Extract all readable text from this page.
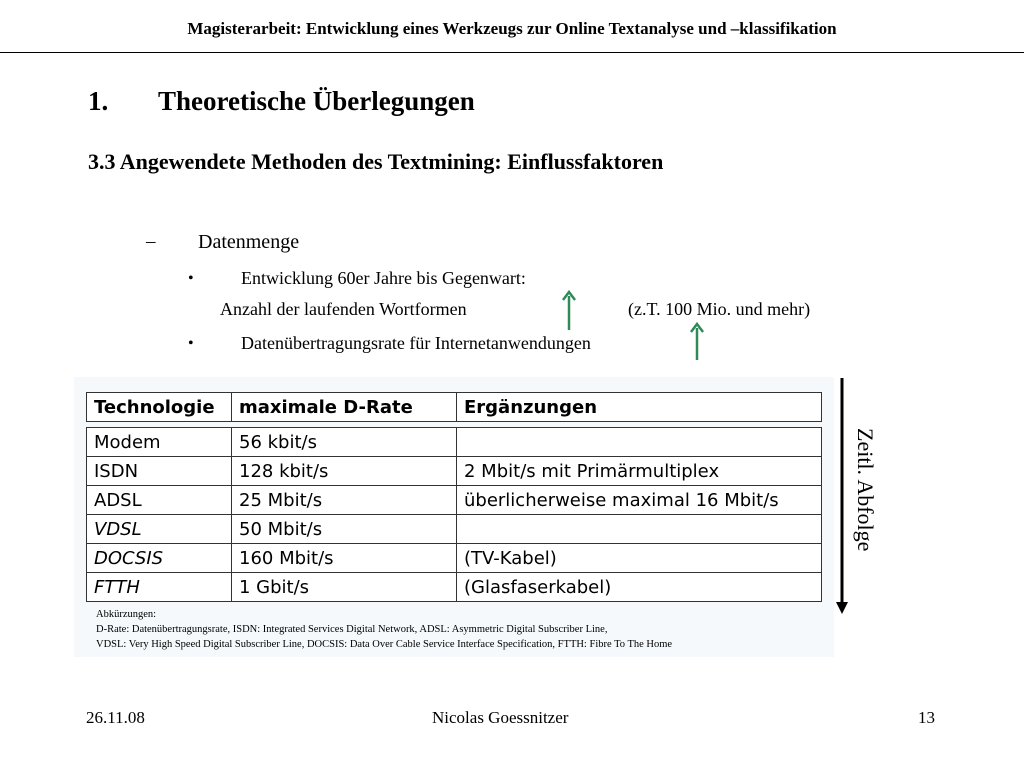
Magisterarbeit: Entwicklung eines Werkzeugs zur Online Textanalyse und –klassifikation
1. Theoretische Überlegungen
3.3 Angewendete Methoden des Textmining: Einflussfaktoren
– Datenmenge
•	Entwicklung 60er Jahre bis Gegenwart:
Anzahl der laufenden Wortformen	(z.T. 100 Mio. und mehr)
•	Datenübertragungsrate für Internetanwendungen
Technologie	maximale D-Rate	Ergänzungen
Modem	56 kbit/s	
ISDN	128 kbit/s	2 Mbit/s mit Primärmultiplex
ADSL	25 Mbit/s	überlicherweise maximal 16 Mbit/s
VDSL	50 Mbit/s	
DOCSIS	160 Mbit/s	(TV-Kabel)
FTTH	1 Gbit/s	(Glasfaserkabel)
Abkürzungen:
D-Rate: Datenübertragungsrate, ISDN: Integrated Services Digital Network, ADSL: Asymmetric Digital Subscriber Line,
VDSL: Very High Speed Digital Subscriber Line, DOCSIS: Data Over Cable Service Interface Specification, FTTH: Fibre To The Home
Zeitl. Abfolge
26.11.08	Nicolas Goessnitzer	13
